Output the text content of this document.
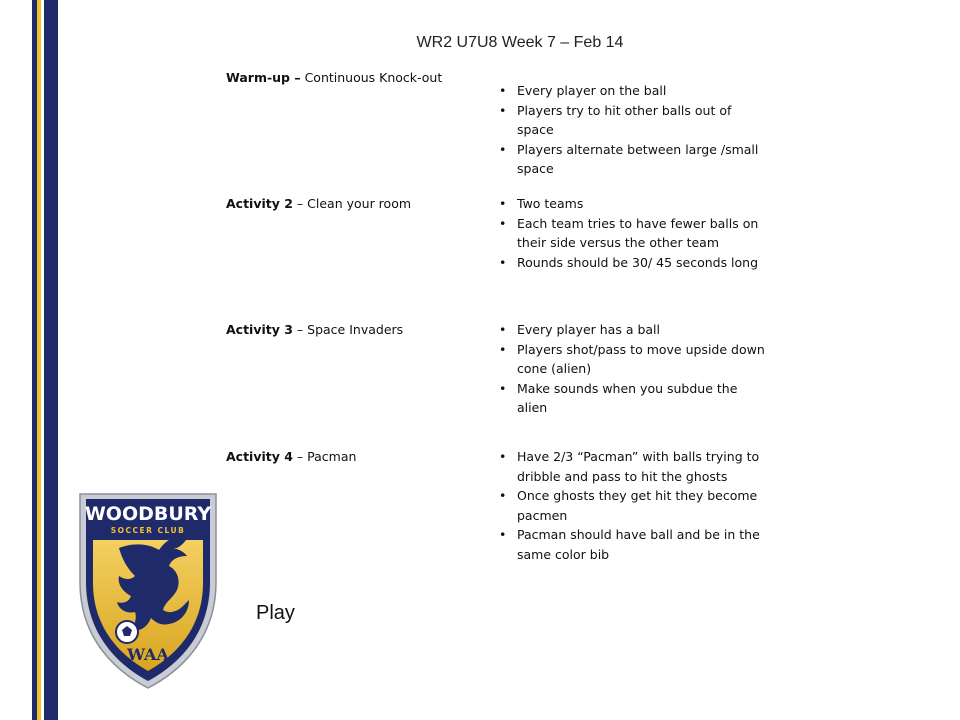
WR2 U7U8 Week 7 – Feb 14
Warm-up – Continuous Knock-out
• Every player on the ball
• Players try to hit other balls out of space
• Players alternate between large /small space
Activity 2 – Clean your room	• Two teams
• Each team tries to have fewer balls on their side versus the other team
• Rounds should be 30/ 45 seconds long
Activity 3 – Space Invaders	• Every player has a ball
• Players shot/pass to move upside down cone (alien)
• Make sounds when you subdue the alien
Activity 4 – Pacman	• Have 2/3 “Pacman” with balls trying to dribble and pass to hit the ghosts
• Once ghosts they get hit they become pacmen
• Pacman should have ball and be in the same color bib
Play
WOODBURY
SOCCER CLUB
WAA
